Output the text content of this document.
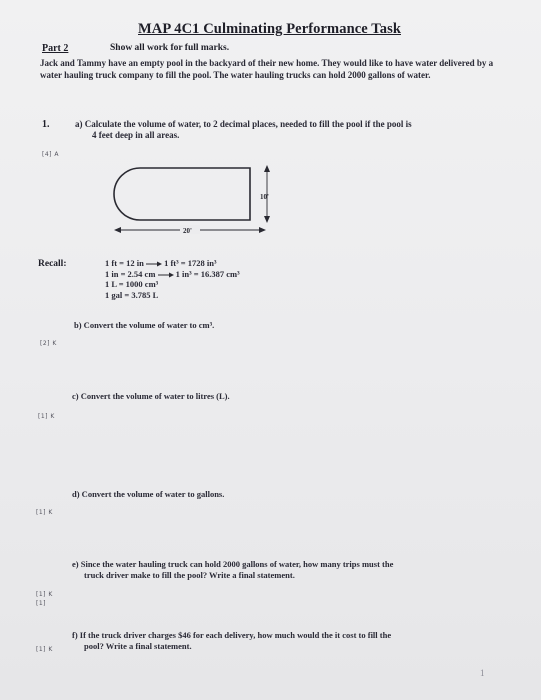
MAP 4C1 Culminating Performance Task
Part 2	Show all work for full marks.
Jack and Tammy have an empty pool in the backyard of their new home. They would like to have water delivered by a water hauling truck company to fill the pool. The water hauling trucks can hold 2000 gallons of water.
1.	a) Calculate the volume of water, to 2 decimal places, needed to fill the pool if the pool is
4 feet deep in all areas.
[4] A
10'
20'
Recall:	1 ft = 12 in 1 ft³ = 1728 in³
1 in = 2.54 cm 1 in³ = 16.387 cm³
1 L = 1000 cm³
1 gal = 3.785 L
b) Convert the volume of water to cm³.
[2] K
c) Convert the volume of water to litres (L).
[1] K
d) Convert the volume of water to gallons.
[1] K
e) Since the water hauling truck can hold 2000 gallons of water, how many trips must the
truck driver make to fill the pool? Write a final statement.
[1] K
[1]
f) If the truck driver charges $46 for each delivery, how much would the it cost to fill the
pool? Write a final statement.
[1] K
1
